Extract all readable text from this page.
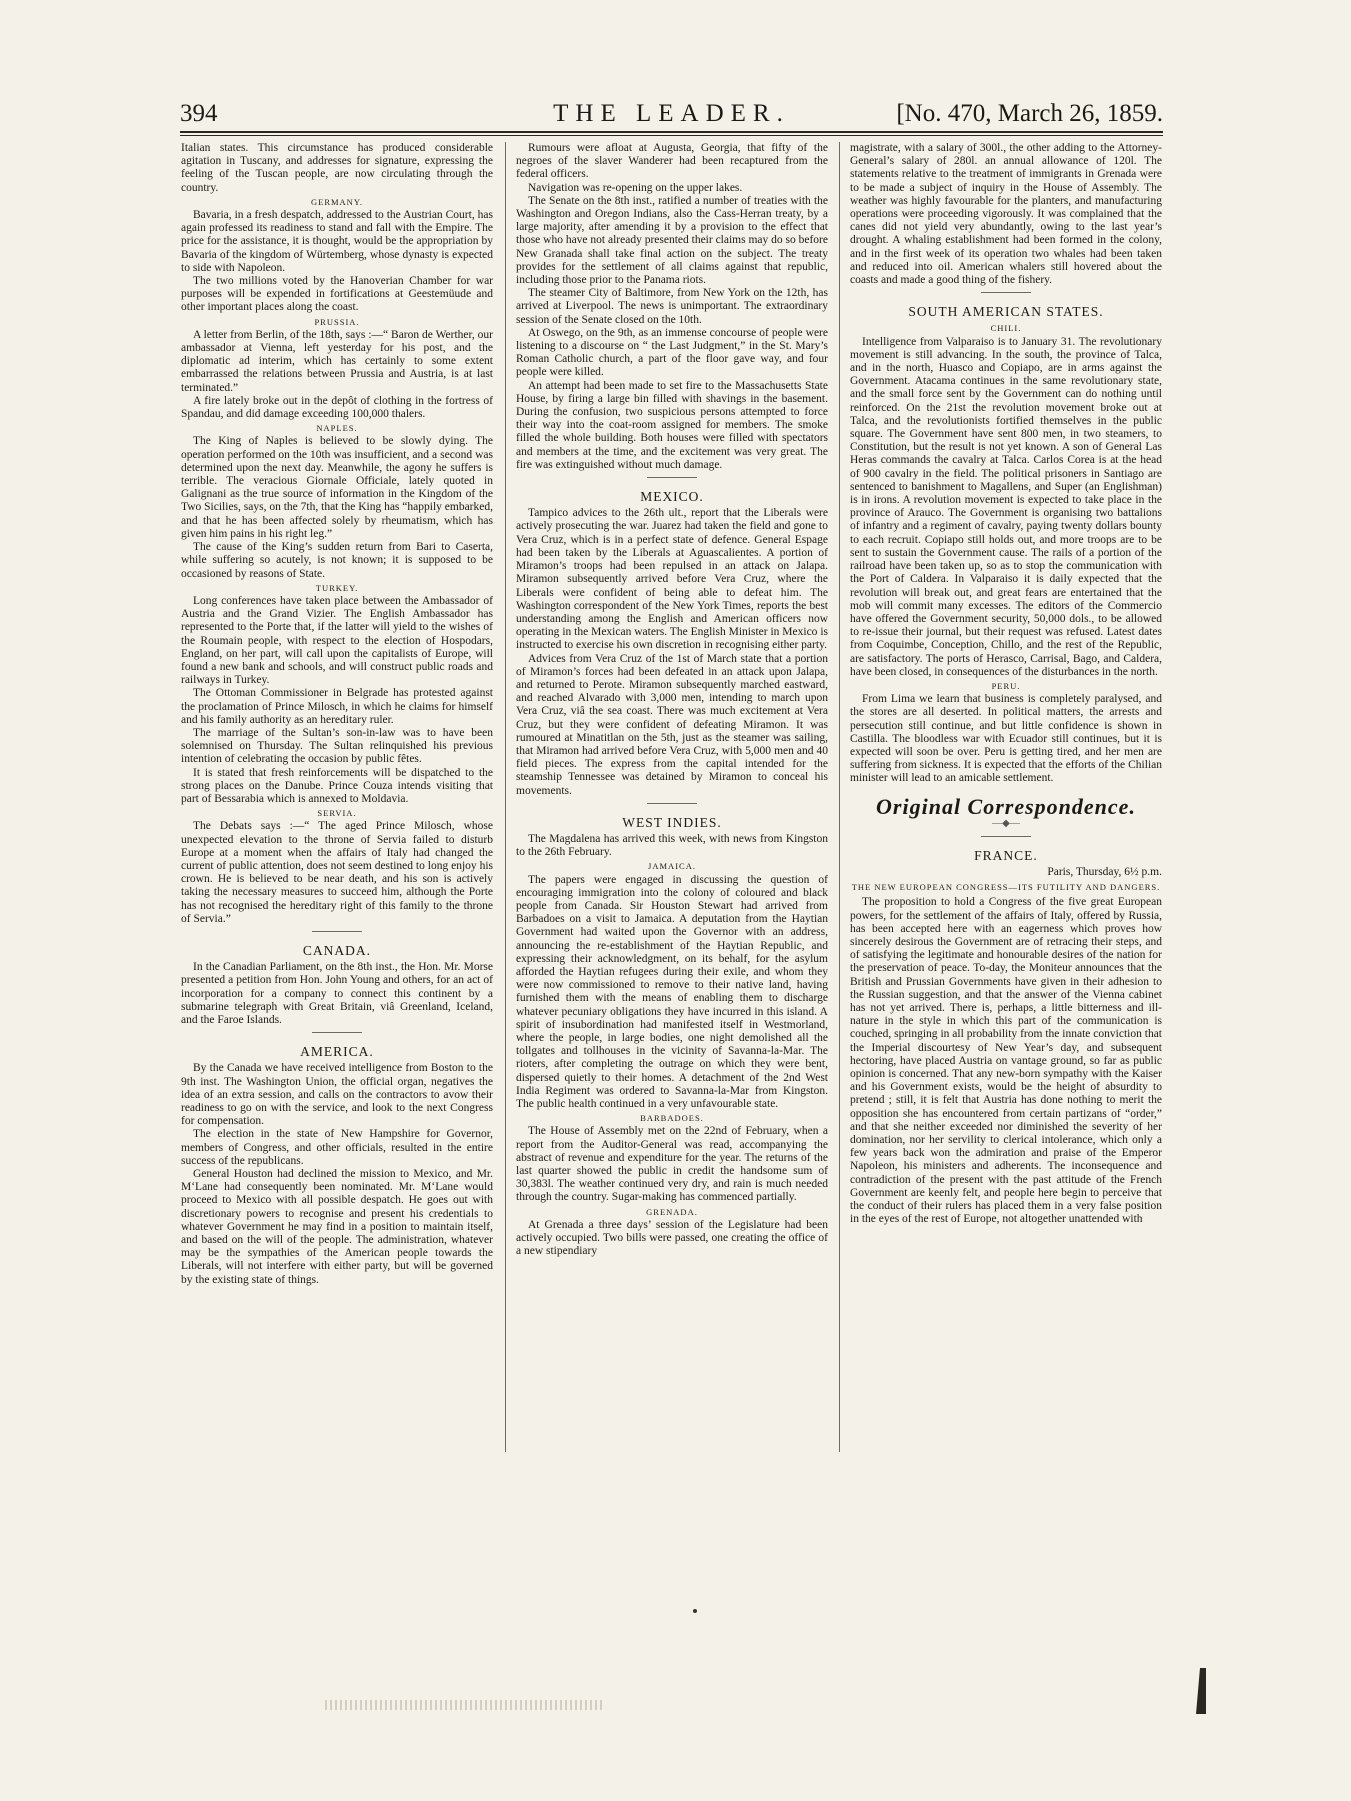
394	THE LEADER.	[No. 470, March 26, 1859.

Italian states. This circumstance has produced considerable agitation in Tuscany, and addresses for signature, expressing the feeling of the Tuscan people, are now circulating through the country.

GERMANY.

Bavaria, in a fresh despatch, addressed to the Austrian Court, has again professed its readiness to stand and fall with the Empire. The price for the assistance, it is thought, would be the appropriation by Bavaria of the kingdom of Würtemberg, whose dynasty is expected to side with Napoleon.

The two millions voted by the Hanoverian Chamber for war purposes will be expended in fortifications at Geestemüude and other important places along the coast.

PRUSSIA.

A letter from Berlin, of the 18th, says :—“ Baron de Werther, our ambassador at Vienna, left yesterday for his post, and the diplomatic ad interim, which has certainly to some extent embarrassed the relations between Prussia and Austria, is at last terminated.”

A fire lately broke out in the depôt of clothing in the fortress of Spandau, and did damage exceeding 100,000 thalers.

NAPLES.

The King of Naples is believed to be slowly dying. The operation performed on the 10th was insufficient, and a second was determined upon the next day. Meanwhile, the agony he suffers is terrible. The veracious Giornale Officiale, lately quoted in Galignani as the true source of information in the Kingdom of the Two Sicilies, says, on the 7th, that the King has “happily embarked, and that he has been affected solely by rheumatism, which has given him pains in his right leg.”

The cause of the King’s sudden return from Bari to Caserta, while suffering so acutely, is not known; it is supposed to be occasioned by reasons of State.

TURKEY.

Long conferences have taken place between the Ambassador of Austria and the Grand Vizier. The English Ambassador has represented to the Porte that, if the latter will yield to the wishes of the Roumain people, with respect to the election of Hospodars, England, on her part, will call upon the capitalists of Europe, will found a new bank and schools, and will construct public roads and railways in Turkey.

The Ottoman Commissioner in Belgrade has protested against the proclamation of Prince Milosch, in which he claims for himself and his family authority as an hereditary ruler.

The marriage of the Sultan’s son-in-law was to have been solemnised on Thursday. The Sultan relinquished his previous intention of celebrating the occasion by public fêtes.

It is stated that fresh reinforcements will be dispatched to the strong places on the Danube. Prince Couza intends visiting that part of Bessarabia which is annexed to Moldavia.

SERVIA.

The Debats says :—“ The aged Prince Milosch, whose unexpected elevation to the throne of Servia failed to disturb Europe at a moment when the affairs of Italy had changed the current of public attention, does not seem destined to long enjoy his crown. He is believed to be near death, and his son is actively taking the necessary measures to succeed him, although the Porte has not recognised the hereditary right of this family to the throne of Servia.”

CANADA.

In the Canadian Parliament, on the 8th inst., the Hon. Mr. Morse presented a petition from Hon. John Young and others, for an act of incorporation for a company to connect this continent by a submarine telegraph with Great Britain, viâ Greenland, Iceland, and the Faroe Islands.

AMERICA.

By the Canada we have received intelligence from Boston to the 9th inst. The Washington Union, the official organ, negatives the idea of an extra session, and calls on the contractors to avow their readiness to go on with the service, and look to the next Congress for compensation.

The election in the state of New Hampshire for Governor, members of Congress, and other officials, resulted in the entire success of the republicans.

General Houston had declined the mission to Mexico, and Mr. M‘Lane had consequently been nominated. Mr. M‘Lane would proceed to Mexico with all possible despatch. He goes out with discretionary powers to recognise and present his credentials to whatever Government he may find in a position to maintain itself, and based on the will of the people. The administration, whatever may be the sympathies of the American people towards the Liberals, will not interfere with either party, but will be governed by the existing state of things.

Rumours were afloat at Augusta, Georgia, that fifty of the negroes of the slaver Wanderer had been recaptured from the federal officers.

Navigation was re-opening on the upper lakes.

The Senate on the 8th inst., ratified a number of treaties with the Washington and Oregon Indians, also the Cass-Herran treaty, by a large majority, after amending it by a provision to the effect that those who have not already presented their claims may do so before New Granada shall take final action on the subject. The treaty provides for the settlement of all claims against that republic, including those prior to the Panama riots.

The steamer City of Baltimore, from New York on the 12th, has arrived at Liverpool. The news is unimportant. The extraordinary session of the Senate closed on the 10th.

At Oswego, on the 9th, as an immense concourse of people were listening to a discourse on “ the Last Judgment,” in the St. Mary’s Roman Catholic church, a part of the floor gave way, and four people were killed.

An attempt had been made to set fire to the Massachusetts State House, by firing a large bin filled with shavings in the basement. During the confusion, two suspicious persons attempted to force their way into the coat-room assigned for members. The smoke filled the whole building. Both houses were filled with spectators and members at the time, and the excitement was very great. The fire was extinguished without much damage.

MEXICO.

Tampico advices to the 26th ult., report that the Liberals were actively prosecuting the war. Juarez had taken the field and gone to Vera Cruz, which is in a perfect state of defence. General Espage had been taken by the Liberals at Aguascalientes. A portion of Miramon’s troops had been repulsed in an attack on Jalapa. Miramon subsequently arrived before Vera Cruz, where the Liberals were confident of being able to defeat him. The Washington correspondent of the New York Times, reports the best understanding among the English and American officers now operating in the Mexican waters. The English Minister in Mexico is instructed to exercise his own discretion in recognising either party.

Advices from Vera Cruz of the 1st of March state that a portion of Miramon’s forces had been defeated in an attack upon Jalapa, and returned to Perote. Miramon subsequently marched eastward, and reached Alvarado with 3,000 men, intending to march upon Vera Cruz, viâ the sea coast. There was much excitement at Vera Cruz, but they were confident of defeating Miramon. It was rumoured at Minatitlan on the 5th, just as the steamer was sailing, that Miramon had arrived before Vera Cruz, with 5,000 men and 40 field pieces. The express from the capital intended for the steamship Tennessee was detained by Miramon to conceal his movements.

WEST INDIES.

The Magdalena has arrived this week, with news from Kingston to the 26th February.

JAMAICA.

The papers were engaged in discussing the question of encouraging immigration into the colony of coloured and black people from Canada. Sir Houston Stewart had arrived from Barbadoes on a visit to Jamaica. A deputation from the Haytian Government had waited upon the Governor with an address, announcing the re-establishment of the Haytian Republic, and expressing their acknowledgment, on its behalf, for the asylum afforded the Haytian refugees during their exile, and whom they were now commissioned to remove to their native land, having furnished them with the means of enabling them to discharge whatever pecuniary obligations they have incurred in this island. A spirit of insubordination had manifested itself in Westmorland, where the people, in large bodies, one night demolished all the tollgates and tollhouses in the vicinity of Savanna-la-Mar. The rioters, after completing the outrage on which they were bent, dispersed quietly to their homes. A detachment of the 2nd West India Regiment was ordered to Savanna-la-Mar from Kingston. The public health continued in a very unfavourable state.

BARBADOES.

The House of Assembly met on the 22nd of February, when a report from the Auditor-General was read, accompanying the abstract of revenue and expenditure for the year. The returns of the last quarter showed the public in credit the handsome sum of 30,383l. The weather continued very dry, and rain is much needed through the country. Sugar-making has commenced partially.

GRENADA.

At Grenada a three days’ session of the Legislature had been actively occupied. Two bills were passed, one creating the office of a new stipendiary

magistrate, with a salary of 300l., the other adding to the Attorney-General’s salary of 280l. an annual allowance of 120l. The statements relative to the treatment of immigrants in Grenada were to be made a subject of inquiry in the House of Assembly. The weather was highly favourable for the planters, and manufacturing operations were proceeding vigorously. It was complained that the canes did not yield very abundantly, owing to the last year’s drought. A whaling establishment had been formed in the colony, and in the first week of its operation two whales had been taken and reduced into oil. American whalers still hovered about the coasts and made a good thing of the fishery.

SOUTH AMERICAN STATES.
CHILI.

Intelligence from Valparaiso is to January 31. The revolutionary movement is still advancing. In the south, the province of Talca, and in the north, Huasco and Copiapo, are in arms against the Government. Atacama continues in the same revolutionary state, and the small force sent by the Government can do nothing until reinforced. On the 21st the revolution movement broke out at Talca, and the revolutionists fortified themselves in the public square. The Government have sent 800 men, in two steamers, to Constitution, but the result is not yet known. A son of General Las Heras commands the cavalry at Talca. Carlos Corea is at the head of 900 cavalry in the field. The political prisoners in Santiago are sentenced to banishment to Magallens, and Super (an Englishman) is in irons. A revolution movement is expected to take place in the province of Arauco. The Government is organising two battalions of infantry and a regiment of cavalry, paying twenty dollars bounty to each recruit. Copiapo still holds out, and more troops are to be sent to sustain the Government cause. The rails of a portion of the railroad have been taken up, so as to stop the communication with the Port of Caldera. In Valparaiso it is daily expected that the revolution will break out, and great fears are entertained that the mob will commit many excesses. The editors of the Commercio have offered the Government security, 50,000 dols., to be allowed to re-issue their journal, but their request was refused. Latest dates from Coquimbe, Conception, Chillo, and the rest of the Republic, are satisfactory. The ports of Herasco, Carrisal, Bago, and Caldera, have been closed, in consequences of the disturbances in the north.

PERU.

From Lima we learn that business is completely paralysed, and the stores are all deserted. In political matters, the arrests and persecution still continue, and but little confidence is shown in Castilla. The bloodless war with Ecuador still continues, but it is expected will soon be over. Peru is getting tired, and her men are suffering from sickness. It is expected that the efforts of the Chilian minister will lead to an amicable settlement.

Original Correspondence.
—◆—
FRANCE.
Paris, Thursday, 6½ p.m.
THE NEW EUROPEAN CONGRESS—ITS FUTILITY AND DANGERS.

The proposition to hold a Congress of the five great European powers, for the settlement of the affairs of Italy, offered by Russia, has been accepted here with an eagerness which proves how sincerely desirous the Government are of retracing their steps, and of satisfying the legitimate and honourable desires of the nation for the preservation of peace. To-day, the Moniteur announces that the British and Prussian Governments have given in their adhesion to the Russian suggestion, and that the answer of the Vienna cabinet has not yet arrived. There is, perhaps, a little bitterness and ill-nature in the style in which this part of the communication is couched, springing in all probability from the innate conviction that the Imperial discourtesy of New Year’s day, and subsequent hectoring, have placed Austria on vantage ground, so far as public opinion is concerned. That any new-born sympathy with the Kaiser and his Government exists, would be the height of absurdity to pretend ; still, it is felt that Austria has done nothing to merit the opposition she has encountered from certain partizans of “order,” and that she neither exceeded nor diminished the severity of her domination, nor her servility to clerical intolerance, which only a few years back won the admiration and praise of the Emperor Napoleon, his ministers and adherents. The inconsequence and contradiction of the present with the past attitude of the French Government are keenly felt, and people here begin to perceive that the conduct of their rulers has placed them in a very false position in the eyes of the rest of Europe, not altogether unattended with
